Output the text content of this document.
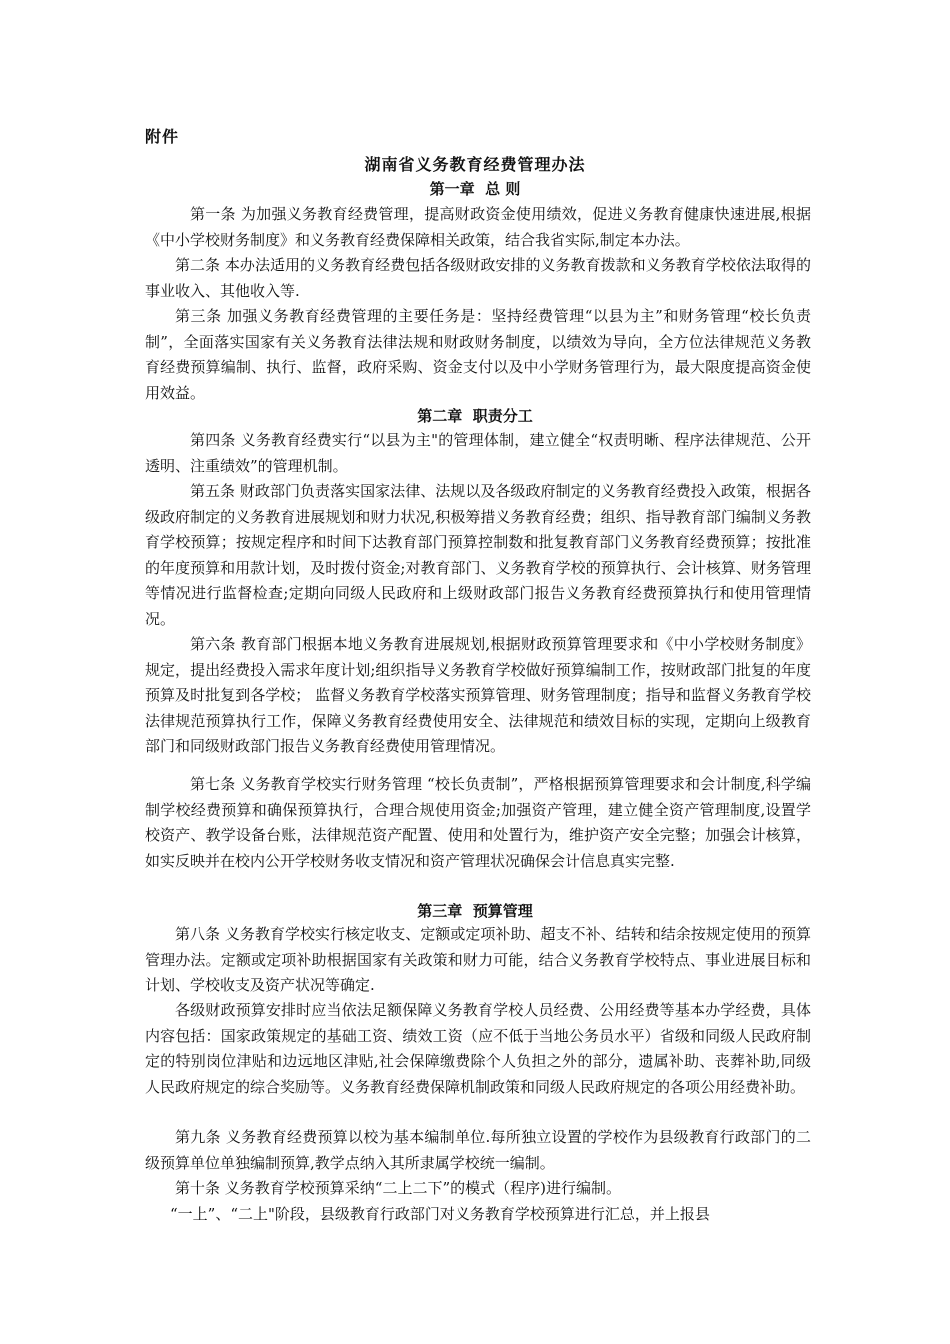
附件
湖南省义务教育经费管理办法
第一章  总 则
第一条 为加强义务教育经费管理，提高财政资金使用绩效，促进义务教育健康快速进展,根据《中小学校财务制度》和义务教育经费保障相关政策，结合我省实际,制定本办法。
第二条 本办法适用的义务教育经费包括各级财政安排的义务教育拨款和义务教育学校依法取得的事业收入、其他收入等.
第三条 加强义务教育经费管理的主要任务是：坚持经费管理“以县为主”和财务管理“校长负责制”，全面落实国家有关义务教育法律法规和财政财务制度，以绩效为导向，全方位法律规范义务教育经费预算编制、执行、监督，政府采购、资金支付以及中小学财务管理行为，最大限度提高资金使用效益。
第二章  职责分工
第四条 义务教育经费实行“以县为主"的管理体制，建立健全“权责明晰、程序法律规范、公开透明、注重绩效”的管理机制。
第五条 财政部门负责落实国家法律、法规以及各级政府制定的义务教育经费投入政策，根据各级政府制定的义务教育进展规划和财力状况,积极筹措义务教育经费；组织、指导教育部门编制义务教育学校预算；按规定程序和时间下达教育部门预算控制数和批复教育部门义务教育经费预算；按批准的年度预算和用款计划，及时拨付资金;对教育部门、义务教育学校的预算执行、会计核算、财务管理等情况进行监督检查;定期向同级人民政府和上级财政部门报告义务教育经费预算执行和使用管理情况。
第六条 教育部门根据本地义务教育进展规划,根据财政预算管理要求和《中小学校财务制度》规定，提出经费投入需求年度计划;组织指导义务教育学校做好预算编制工作，按财政部门批复的年度预算及时批复到各学校； 监督义务教育学校落实预算管理、财务管理制度；指导和监督义务教育学校法律规范预算执行工作，保障义务教育经费使用安全、法律规范和绩效目标的实现，定期向上级教育部门和同级财政部门报告义务教育经费使用管理情况。
第七条 义务教育学校实行财务管理 “校长负责制”，严格根据预算管理要求和会计制度,科学编制学校经费预算和确保预算执行，合理合规使用资金;加强资产管理，建立健全资产管理制度,设置学校资产、教学设备台账，法律规范资产配置、使用和处置行为，维护资产安全完整；加强会计核算，如实反映并在校内公开学校财务收支情况和资产管理状况确保会计信息真实完整.
第三章  预算管理
第八条 义务教育学校实行核定收支、定额或定项补助、超支不补、结转和结余按规定使用的预算管理办法。定额或定项补助根据国家有关政策和财力可能，结合义务教育学校特点、事业进展目标和计划、学校收支及资产状况等确定.
各级财政预算安排时应当依法足额保障义务教育学校人员经费、公用经费等基本办学经费，具体内容包括：国家政策规定的基础工资、绩效工资（应不低于当地公务员水平）省级和同级人民政府制定的特别岗位津贴和边远地区津贴,社会保障缴费除个人负担之外的部分，遗属补助、丧葬补助,同级人民政府规定的综合奖励等。义务教育经费保障机制政策和同级人民政府规定的各项公用经费补助。
第九条 义务教育经费预算以校为基本编制单位.每所独立设置的学校作为县级教育行政部门的二级预算单位单独编制预算,教学点纳入其所隶属学校统一编制。
第十条 义务教育学校预算采纳“二上二下”的模式（程序)进行编制。
“一上”、“二上"阶段，县级教育行政部门对义务教育学校预算进行汇总，并上报县
